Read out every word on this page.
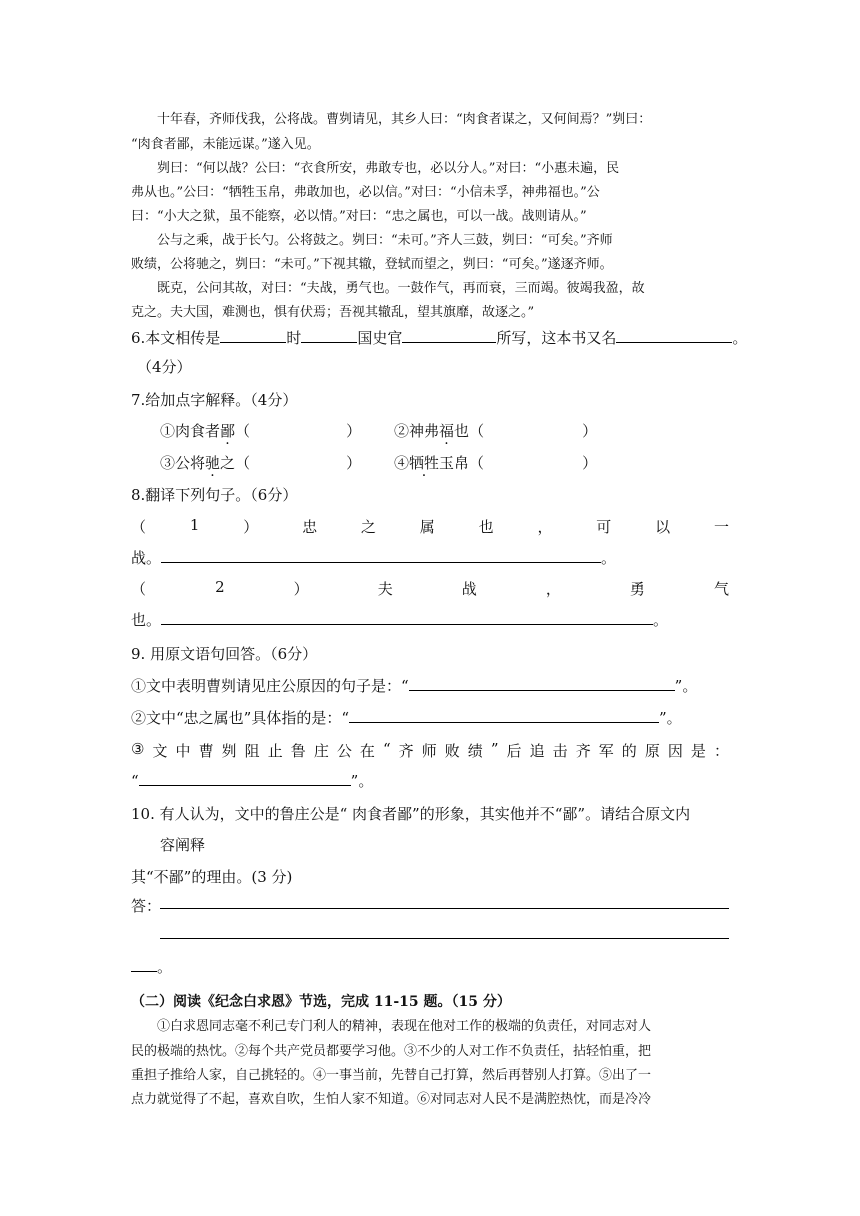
　　十年春，齐师伐我，公将战。曹刿请见，其乡人曰：“肉食者谋之，又何间焉？”刿曰：
“肉食者鄙，未能远谋。”遂入见。
　　刿曰：“何以战？公曰：“衣食所安，弗敢专也，必以分人。”对曰：“小惠未遍，民
弗从也。”公曰：“牺牲玉帛，弗敢加也，必以信。”对曰：“小信未孚，神弗福也。”公
曰：“小大之狱，虽不能察，必以情。”对曰：“忠之属也，可以一战。战则请从。”
　　公与之乘，战于长勺。公将鼓之。刿曰：“未可。”齐人三鼓，刿曰：“可矣。”齐师
败绩，公将驰之，刿曰：“未可。”下视其辙，登轼而望之，刿曰：“可矣。”遂逐齐师。
　　既克，公问其故，对曰：“夫战，勇气也。一鼓作气，再而衰，三而竭。彼竭我盈，故
克之。夫大国，难测也，惧有伏焉；吾视其辙乱，望其旗靡，故逐之。”
6.本文相传是	时	国史官	所写，这本书又名	。
（4分）
7.给加点字解释。（4分）
①肉食者鄙（	） ②神弗福也（	）
③公将驰之（	） ④牺牲玉帛（	）
8.翻译下列句子。（6分）
（	1	）	忠	之	属	也	，	可	以	一
战。	。
（	2	）	夫	战	，	勇	气
也。	。
9. 用原文语句回答。（6分）
①文中表明曹刿请见庄公原因的句子是：“	”。
②文中“忠之属也”具体指的是：“	”。
③ 文 中 曹 刿 阻 止 鲁 庄 公 在 “ 齐 师 败 绩 ” 后 追 击 齐 军 的 原 因 是 ：
“	”。
10. 有人认为，文中的鲁庄公是“ 肉食者鄙”的形象，其实他并不“鄙”。请结合原文内
容阐释
其“不鄙”的理由。(3 分)
答：
。
（二）阅读《纪念白求恩》节选，完成 11-15 题。（15 分）
　　①白求恩同志毫不利己专门利人的精神，表现在他对工作的极端的负责任，对同志对人
民的极端的热忱。②每个共产党员都要学习他。③不少的人对工作不负责任，拈轻怕重，把
重担子推给人家，自己挑轻的。④一事当前，先替自己打算，然后再替别人打算。⑤出了一
点力就觉得了不起，喜欢自吹，生怕人家不知道。⑥对同志对人民不是满腔热忱，而是冷冷
